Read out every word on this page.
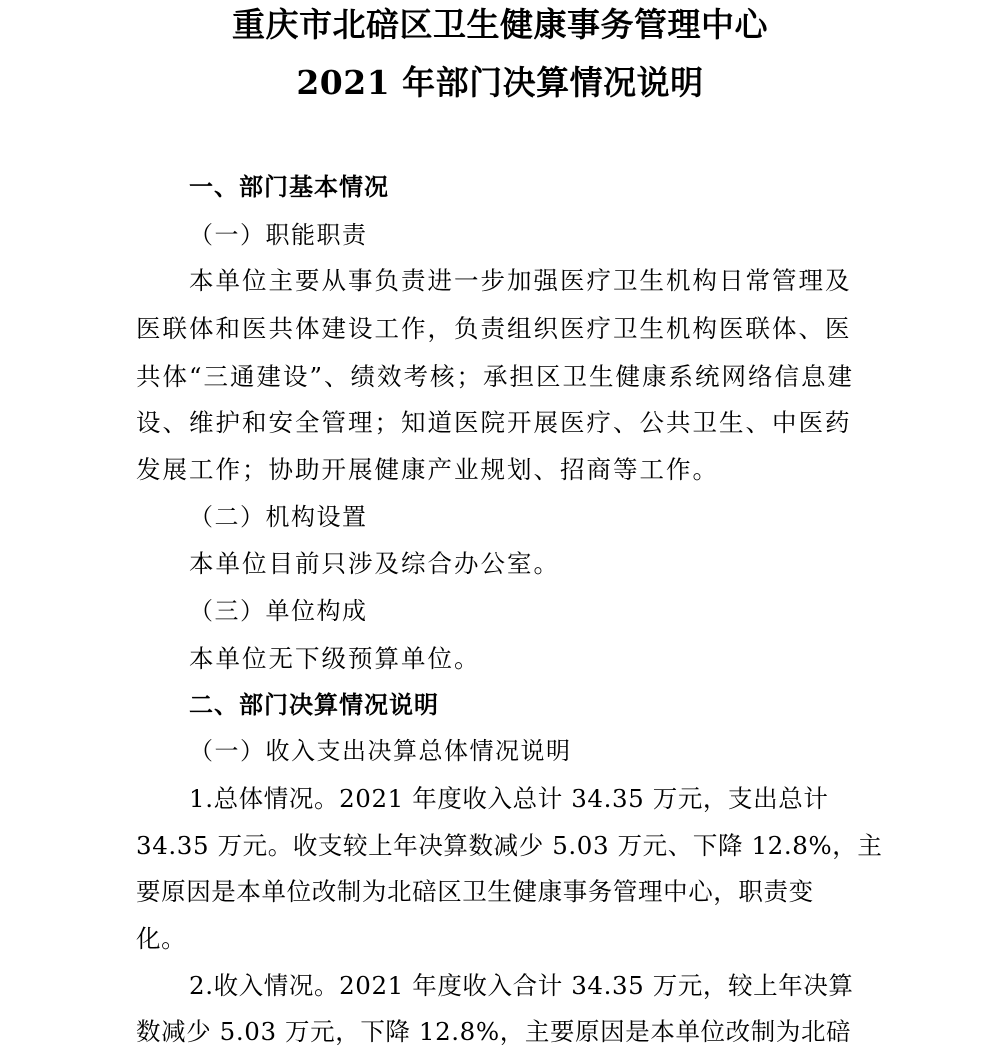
重庆市北碚区卫生健康事务管理中心
2021 年部门决算情况说明
一、部门基本情况
（一）职能职责
本单位主要从事负责进一步加强医疗卫生机构日常管理及
医联体和医共体建设工作，负责组织医疗卫生机构医联体、医
共体“三通建设”、绩效考核；承担区卫生健康系统网络信息建
设、维护和安全管理；知道医院开展医疗、公共卫生、中医药
发展工作；协助开展健康产业规划、招商等工作。
（二）机构设置
本单位目前只涉及综合办公室。
（三）单位构成
本单位无下级预算单位。
二、部门决算情况说明
（一）收入支出决算总体情况说明
1.总体情况。2021 年度收入总计 34.35 万元，支出总计
34.35 万元。收支较上年决算数减少 5.03 万元、下降 12.8%，主
要原因是本单位改制为北碚区卫生健康事务管理中心，职责变
化。
2.收入情况。2021 年度收入合计 34.35 万元，较上年决算
数减少 5.03 万元，下降 12.8%，主要原因是本单位改制为北碚
